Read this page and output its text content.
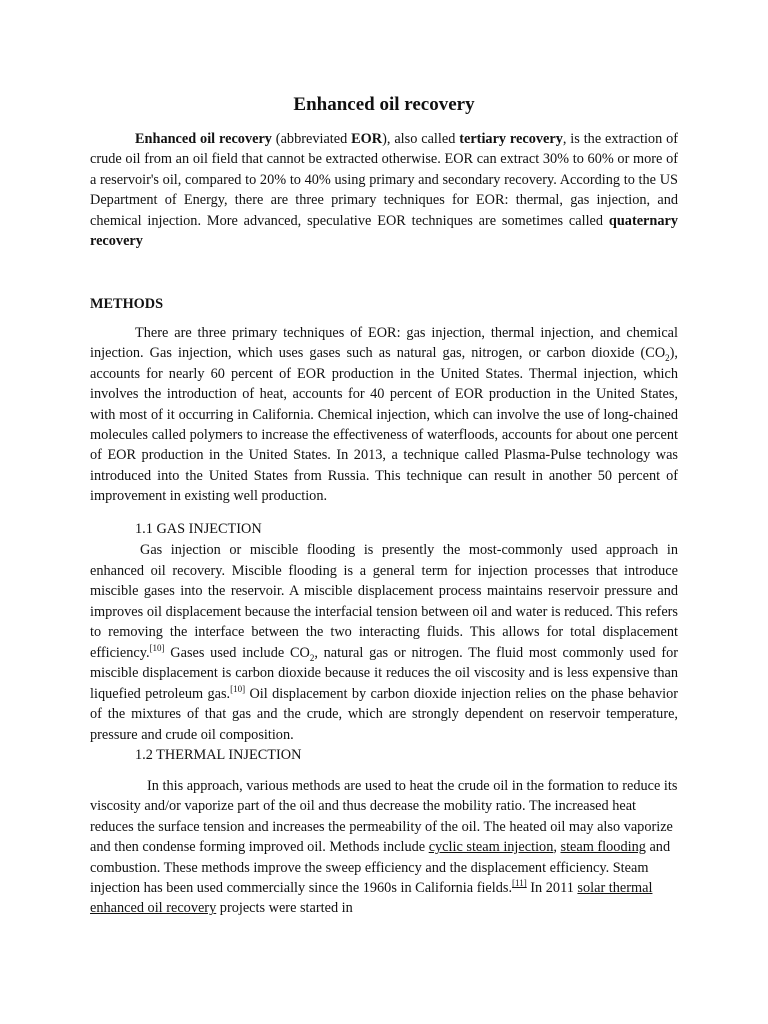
Enhanced oil recovery

Enhanced oil recovery (abbreviated EOR), also called tertiary recovery, is the extraction of crude oil from an oil field that cannot be extracted otherwise. EOR can extract 30% to 60% or more of a reservoir's oil, compared to 20% to 40% using primary and secondary recovery. According to the US Department of Energy, there are three primary techniques for EOR: thermal, gas injection, and chemical injection. More advanced, speculative EOR techniques are sometimes called quaternary recovery

METHODS

There are three primary techniques of EOR: gas injection, thermal injection, and chemical injection. Gas injection, which uses gases such as natural gas, nitrogen, or carbon dioxide $(CO_2)$, accounts for nearly 60 percent of EOR production in the United States. Thermal injection, which involves the introduction of heat, accounts for 40 percent of EOR production in the United States, with most of it occurring in California. Chemical injection, which can involve the use of long-chained molecules called polymers to increase the effectiveness of waterfloods, accounts for about one percent of EOR production in the United States. In 2013, a technique called Plasma-Pulse technology was introduced into the United States from Russia. This technique can result in another 50 percent of improvement in existing well production.

1.1 GAS INJECTION

Gas injection or miscible flooding is presently the most-commonly used approach in enhanced oil recovery. Miscible flooding is a general term for injection processes that introduce miscible gases into the reservoir. A miscible displacement process maintains reservoir pressure and improves oil displacement because the interfacial tension between oil and water is reduced. This refers to removing the interface between the two interacting fluids. This allows for total displacement efficiency.[10] Gases used include $CO_2$, natural gas or nitrogen. The fluid most commonly used for miscible displacement is carbon dioxide because it reduces the oil viscosity and is less expensive than liquefied petroleum gas.[10] Oil displacement by carbon dioxide injection relies on the phase behavior of the mixtures of that gas and the crude, which are strongly dependent on reservoir temperature, pressure and crude oil composition.

1.2 THERMAL INJECTION

In this approach, various methods are used to heat the crude oil in the formation to reduce its viscosity and/or vaporize part of the oil and thus decrease the mobility ratio. The increased heat reduces the surface tension and increases the permeability of the oil. The heated oil may also vaporize and then condense forming improved oil. Methods include cyclic steam injection, steam flooding and combustion. These methods improve the sweep efficiency and the displacement efficiency. Steam injection has been used commercially since the 1960s in California fields.[11] In 2011 solar thermal enhanced oil recovery projects were started in
